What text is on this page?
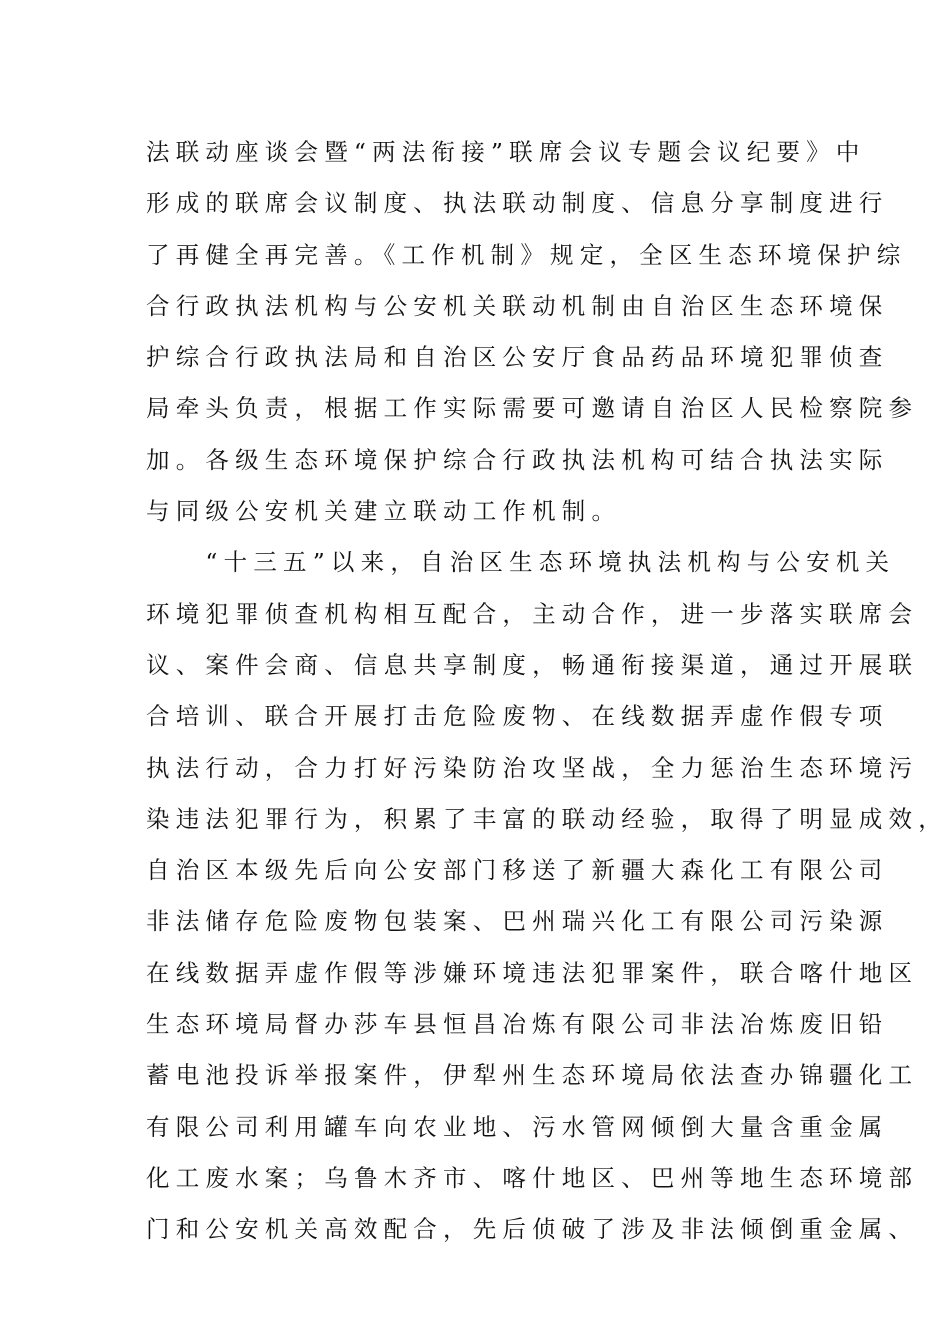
法联动座谈会暨“两法衔接”联席会议专题会议纪要》中
形成的联席会议制度、执法联动制度、信息分享制度进行
了再健全再完善。《工作机制》规定，全区生态环境保护综
合行政执法机构与公安机关联动机制由自治区生态环境保
护综合行政执法局和自治区公安厅食品药品环境犯罪侦查
局牵头负责，根据工作实际需要可邀请自治区人民检察院参
加。各级生态环境保护综合行政执法机构可结合执法实际
与同级公安机关建立联动工作机制。
　　“十三五”以来，自治区生态环境执法机构与公安机关
环境犯罪侦查机构相互配合，主动合作，进一步落实联席会
议、案件会商、信息共享制度，畅通衔接渠道，通过开展联
合培训、联合开展打击危险废物、在线数据弄虚作假专项
执法行动，合力打好污染防治攻坚战，全力惩治生态环境污
染违法犯罪行为，积累了丰富的联动经验，取得了明显成效，
自治区本级先后向公安部门移送了新疆大森化工有限公司
非法储存危险废物包装案、巴州瑞兴化工有限公司污染源
在线数据弄虚作假等涉嫌环境违法犯罪案件，联合喀什地区
生态环境局督办莎车县恒昌冶炼有限公司非法冶炼废旧铅
蓄电池投诉举报案件，伊犁州生态环境局依法查办锦疆化工
有限公司利用罐车向农业地、污水管网倾倒大量含重金属
化工废水案；乌鲁木齐市、喀什地区、巴州等地生态环境部
门和公安机关高效配合，先后侦破了涉及非法倾倒重金属、
